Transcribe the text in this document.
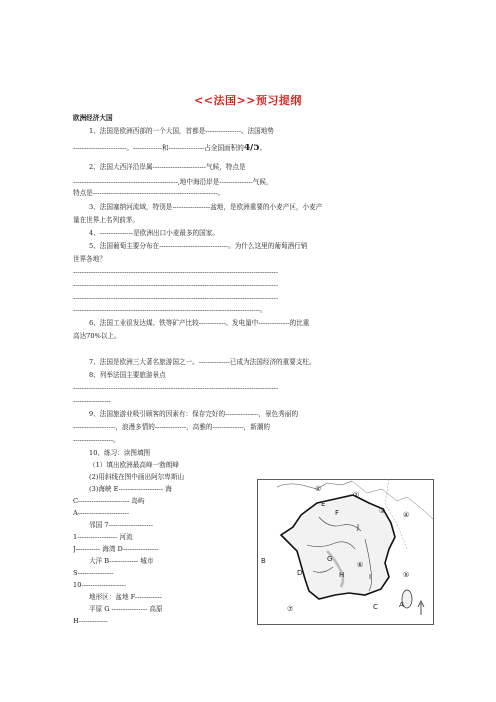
<<法国>>预习提纲
欧洲经济大国
1、法国是欧洲西部的一个大国，首都是----------------。法国地势
------------------------。-------------和----------------占全国面积的4/5。
2、法国大西洋沿岸属------------------------气候，特点是
-----------------------------------------------,地中海沿岸是---------------气候，
特点是--------------------------------------------------------。
3、法国塞纳河流域，特别是-----------------盆地，是欧洲重要的小麦产区，小麦产
量在世界上名列前茅。
4、---------------是欧洲出口小麦最多的国家。
5、法国葡萄主要分布在-------------------------------。为什么这里的葡萄酒行销
世界各地？
--------------------------------------------------------------------------------------------
--------------------------------------------------------------------------------------------
--------------------------------------------------------------------------------------------
------------------------------------------------------------------------------------。
6、法国工业很发达煤、铁等矿产比较------------。发电量中--------------的比重
高达70%以上。
7、法国是欧洲三大著名旅游国之一。--------------已成为法国经济的重要支柱。
8、列举法国主要旅游景点
--------------------------------------------------------------------------------------------
-----------------
9、法国旅游业吸引顾客的因素有：保存完好的---------------，景色秀丽的
-------------------，浪漫多情的--------------，高雅的--------------，新潮的
------------------。
10、练习：读图填图
（1）填出欧洲最高峰一勃朗峰
(2)用斜线在图中画出阿尔卑斯山
(3)海峡 E-------------------- 海
C----------------------- 岛屿
A-----------------------
邻国 7--------------------
1------------------ 河流
J----------- 海湾 D----------------
大洋 B------------- 城市
S----------------
10--------------------
地形区：盆地 F------------
平原 G ---------------- 高原
H-------------
①
E
F
②
③	④
J
B
D
G
H	I	⑤
⑥
⑦	C	A
